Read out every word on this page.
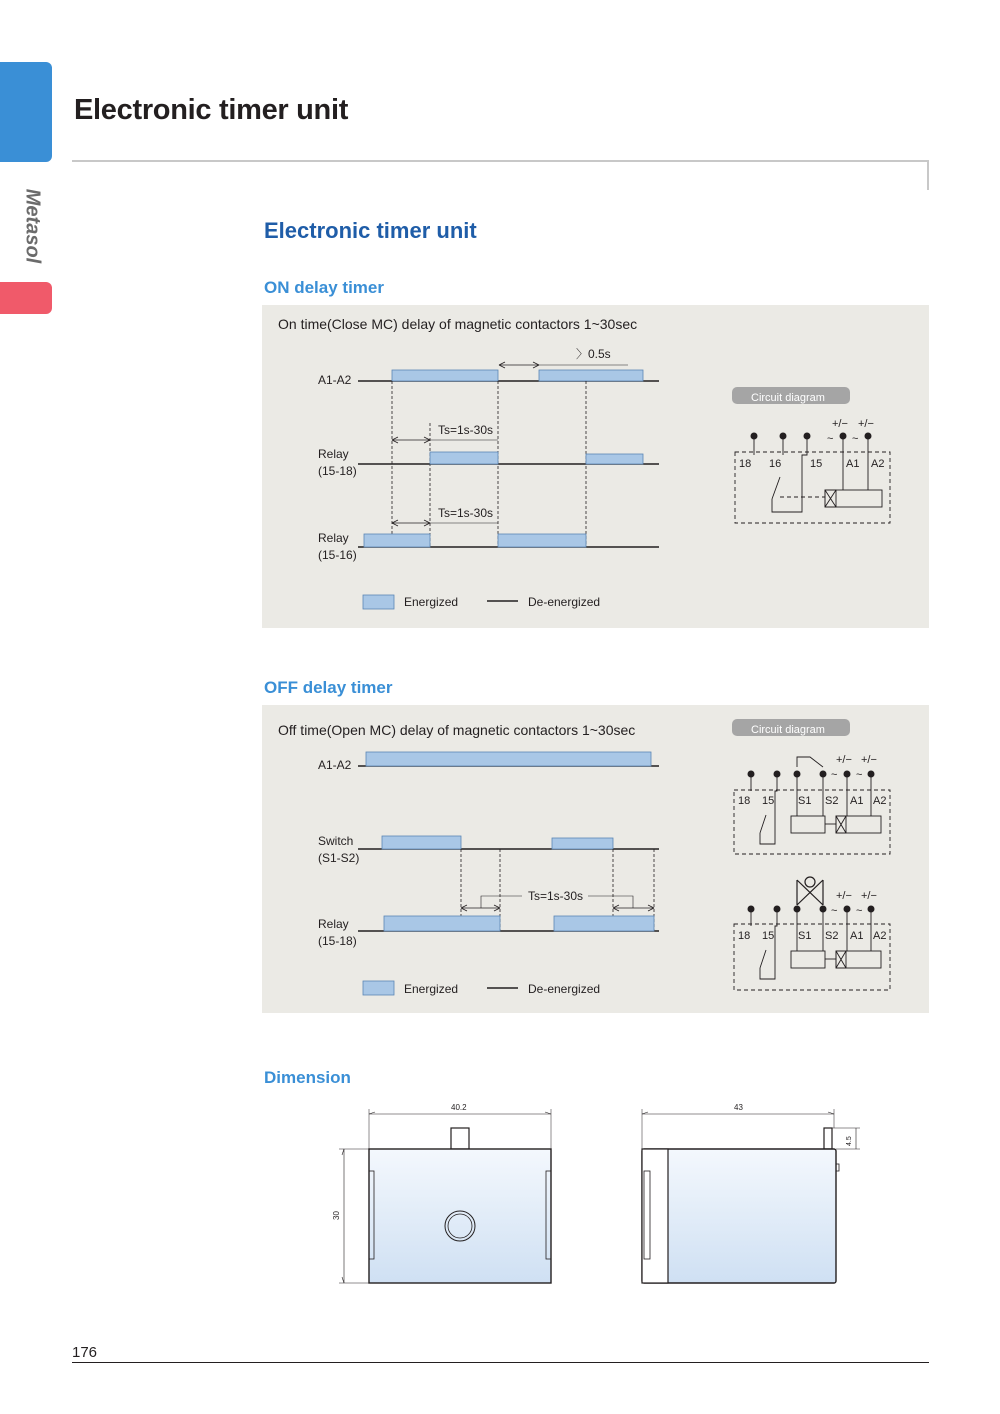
Metasol
Electronic timer unit
Electronic timer unit
ON delay timer
On time(Close MC) delay of magnetic contactors 1~30sec
〉0.5s
A1-A2
Ts=1s-30s
Relay
(15-18)
Ts=1s-30s
Relay
(15-16)
Energized	De-energized
Circuit diagram
+/− +/−
~ ~
18 16	15 A1 A2
OFF delay timer
Off time(Open MC) delay of magnetic contactors 1~30sec
A1-A2
Switch
(S1-S2)
Ts=1s-30s
Relay
(15-18)
Energized	De-energized
Circuit diagram
+/− +/−
~ ~
18 15 S1 S2 A1 A2
+/− +/−
~ ~
18 15 S1 S2 A1 A2
Dimension
40.2
30
43
4.5
176
